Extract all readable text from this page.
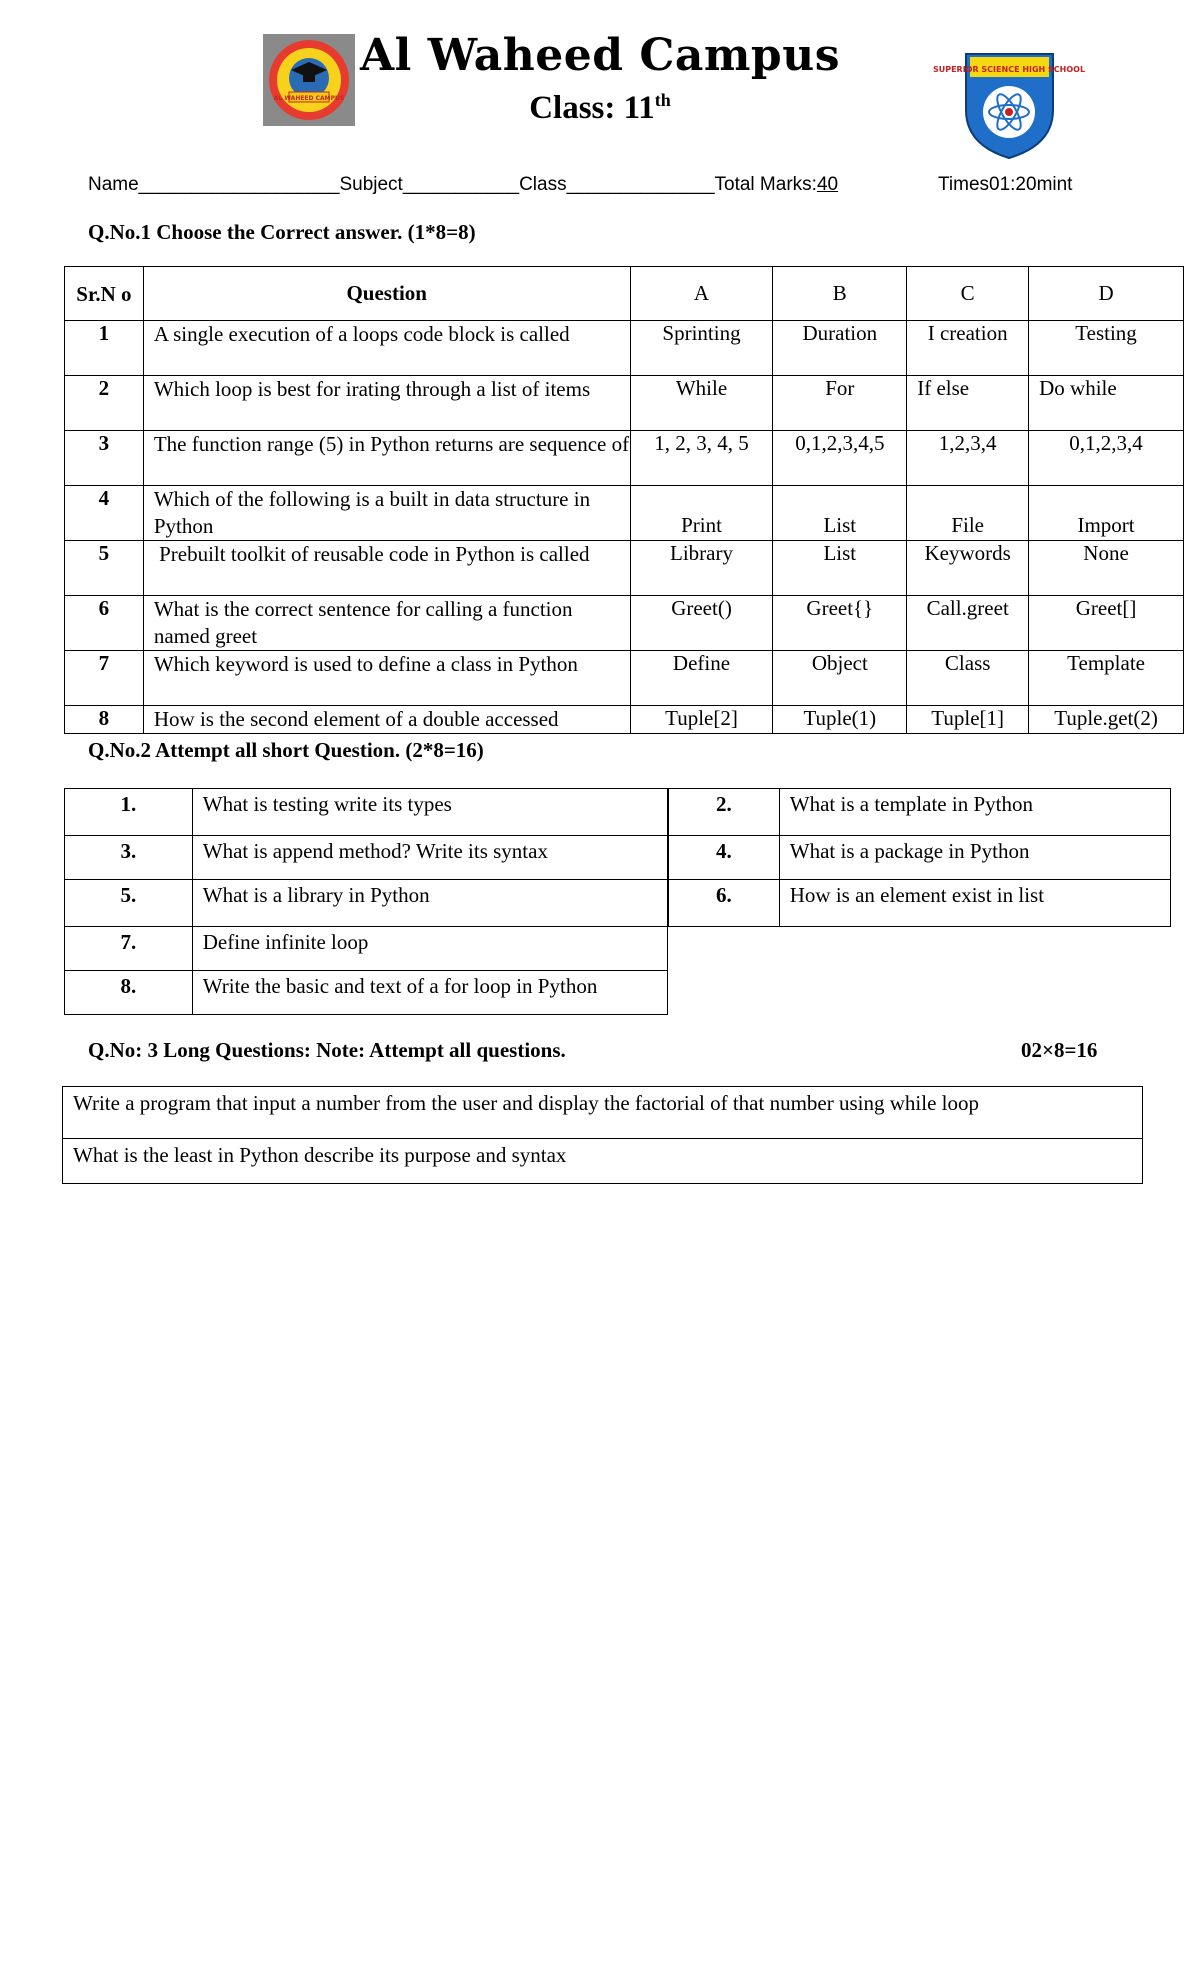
AL WAHEED CAMPUS
SUPERIOR SCIENCE HIGH SCHOOL
Al Waheed Campus
Class: 11th
Name___________________Subject___________Class______________Total Marks:40	Times01:20mint
Q.No.1 Choose the Correct answer. (1*8=8)
Sr.N o	Question	A	B	C	D
1	A single execution of a loops code block is called	Sprinting	Duration	I creation	Testing
2	Which loop is best for irating through a list of items	While	For	If else	Do while
3	The function range (5) in Python returns are sequence of	1, 2, 3, 4, 5	0,1,2,3,4,5	1,2,3,4	0,1,2,3,4
4	Which of the following is a built in data structure in Python	Print	List	File	Import
5	Prebuilt toolkit of reusable code in Python is called	Library	List	Keywords	None
6	What is the correct sentence for calling a function named greet	Greet()	Greet{}	Call.greet	Greet[]
7	Which keyword is used to define a class in Python	Define	Object	Class	Template
8	How is the second element of a double accessed	Tuple[2]	Tuple(1)	Tuple[1]	Tuple.get(2)
Q.No.2 Attempt all short Question. (2*8=16)
1.	What is testing write its types
3.	What is append method? Write its syntax
5.	What is a library in Python
7.	Define infinite loop
8.	Write the basic and text of a for loop in Python
2.	What is a template in Python
4.	What is a package in Python
6.	How is an element exist in list
Q.No: 3 Long Questions: Note: Attempt all questions.	02×8=16
Write a program that input a number from the user and display the factorial of that number using while loop
What is the least in Python describe its purpose and syntax
